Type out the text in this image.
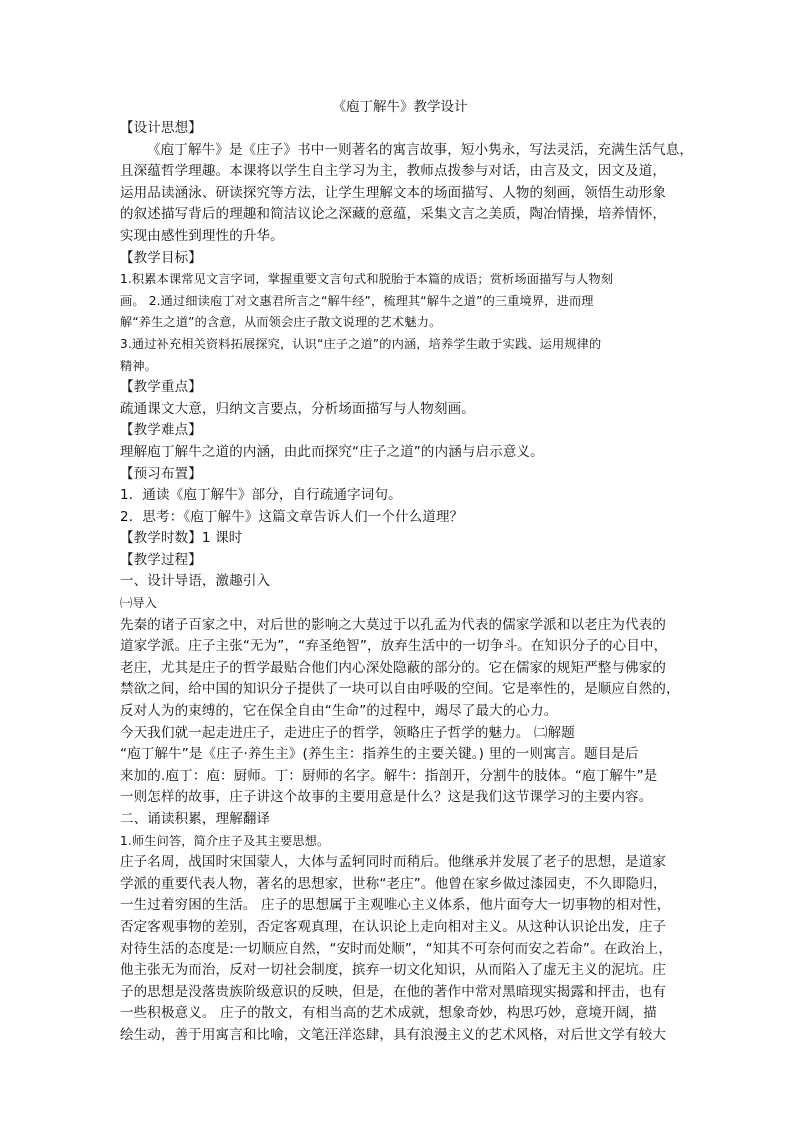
《庖丁解牛》教学设计
【设计思想】
《庖丁解牛》是《庄子》书中一则著名的寓言故事，短小隽永，写法灵活，充满生活气息，
且深蕴哲学理趣。本课将以学生自主学习为主，教师点拨参与对话，由言及文，因文及道，
运用品读涵泳、研读探究等方法，让学生理解文本的场面描写、人物的刻画，领悟生动形象
的叙述描写背后的理趣和简洁议论之深藏的意蕴，采集文言之美质，陶冶情操，培养情怀，
实现由感性到理性的升华。
【教学目标】
1.积累本课常见文言字词，掌握重要文言句式和脱胎于本篇的成语；赏析场面描写与人物刻
画。 2.通过细读庖丁对文惠君所言之“解牛经”，梳理其“解牛之道”的三重境界，进而理
解“养生之道”的含意，从而领会庄子散文说理的艺术魅力。
3.通过补充相关资料拓展探究，认识“庄子之道”的内涵，培养学生敢于实践、运用规律的
精神。
【教学重点】
疏通课文大意，归纳文言要点，分析场面描写与人物刻画。
【教学难点】
理解庖丁解牛之道的内涵，由此而探究“庄子之道”的内涵与启示意义。
【预习布置】
1．通读《庖丁解牛》部分，自行疏通字词句。
2．思考：《庖丁解牛》这篇文章告诉人们一个什么道理？
【教学时数】1 课时
【教学过程】
一、设计导语，激趣引入
㈠导入
先秦的诸子百家之中，对后世的影响之大莫过于以孔孟为代表的儒家学派和以老庄为代表的
道家学派。庄子主张“无为”，“弃圣绝智”，放弃生活中的一切争斗。在知识分子的心目中，
老庄，尤其是庄子的哲学最贴合他们内心深处隐蔽的部分的。它在儒家的规矩严整与佛家的
禁欲之间，给中国的知识分子提供了一块可以自由呼吸的空间。它是率性的，是顺应自然的，
反对人为的束缚的，它在保全自由“生命”的过程中，竭尽了最大的心力。
今天我们就一起走进庄子，走进庄子的哲学，领略庄子哲学的魅力。 ㈡解题
“庖丁解牛”是《庄子·养生主》(养生主：指养生的主要关键。) 里的一则寓言。题目是后
来加的.庖丁：庖：厨师。丁：厨师的名字。解牛：指剖开，分割牛的肢体。“庖丁解牛”是
一则怎样的故事，庄子讲这个故事的主要用意是什么？这是我们这节课学习的主要内容。
二、诵读积累，理解翻译
1.师生问答，简介庄子及其主要思想。
庄子名周，战国时宋国蒙人，大体与孟轲同时而稍后。他继承并发展了老子的思想，是道家
学派的重要代表人物，著名的思想家，世称“老庄”。他曾在家乡做过漆园吏，不久即隐归，
一生过着穷困的生活。 庄子的思想属于主观唯心主义体系，他片面夸大一切事物的相对性，
否定客观事物的差别，否定客观真理，在认识论上走向相对主义。从这种认识论出发，庄子
对待生活的态度是:一切顺应自然，“安时而处顺”，“知其不可奈何而安之若命”。在政治上，
他主张无为而治，反对一切社会制度，摈弃一切文化知识，从而陷入了虚无主义的泥坑。庄
子的思想是没落贵族阶级意识的反映，但是，在他的著作中常对黑暗现实揭露和抨击，也有
一些积极意义。 庄子的散文，有相当高的艺术成就，想象奇妙，构思巧妙，意境开阔，描
绘生动，善于用寓言和比喻，文笔汪洋恣肆，具有浪漫主义的艺术风格，对后世文学有较大
